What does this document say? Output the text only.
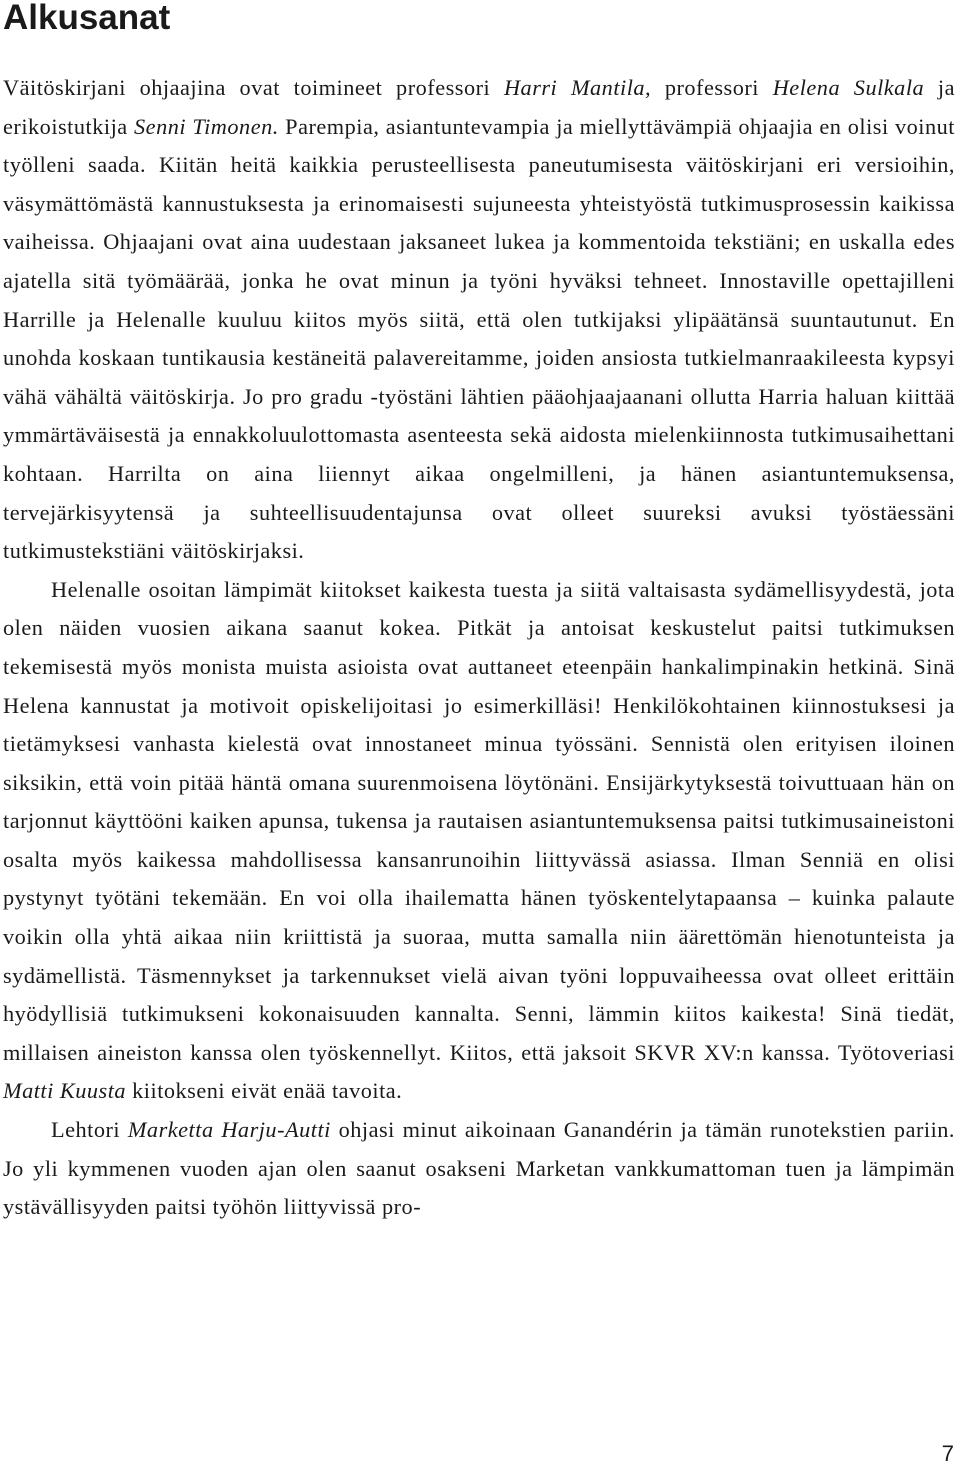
Alkusanat

Väitöskirjani ohjaajina ovat toimineet professori Harri Mantila, professori Helena Sulkala ja erikoistutkija Senni Timonen. Parempia, asiantuntevampia ja miellyttävämpiä ohjaajia en olisi voinut työlleni saada. Kiitän heitä kaikkia perusteellisesta paneutumisesta väitöskirjani eri versioihin, väsymättömästä kannustuksesta ja erinomaisesti sujuneesta yhteistyöstä tutkimusprosessin kaikissa vaiheissa. Ohjaajani ovat aina uudestaan jaksaneet lukea ja kommentoida tekstiäni; en uskalla edes ajatella sitä työmäärää, jonka he ovat minun ja työni hyväksi tehneet. Innostaville opettajilleni Harrille ja Helenalle kuuluu kiitos myös siitä, että olen tutkijaksi ylipäätänsä suuntautunut. En unohda koskaan tuntikausia kestäneitä palavereitamme, joiden ansiosta tutkielmanraakileesta kypsyi vähä vähältä väitöskirja. Jo pro gradu -työstäni lähtien pääohjaajaanani ollutta Harria haluan kiittää ymmärtäväisestä ja ennakkoluulottomasta asenteesta sekä aidosta mielenkiinnosta tutkimusaihettani kohtaan. Harrilta on aina liiennyt aikaa ongelmilleni, ja hänen asiantuntemuksensa, tervejärkisyytensä ja suhteellisuudentajunsa ovat olleet suureksi avuksi työstäessäni tutkimustekstiäni väitöskirjaksi.

Helenalle osoitan lämpimät kiitokset kaikesta tuesta ja siitä valtaisasta sydämellisyydestä, jota olen näiden vuosien aikana saanut kokea. Pitkät ja antoisat keskustelut paitsi tutkimuksen tekemisestä myös monista muista asioista ovat auttaneet eteenpäin hankalimpinakin hetkinä. Sinä Helena kannustat ja motivoit opiskelijoitasi jo esimerkilläsi! Henkilökohtainen kiinnostuksesi ja tietämyksesi vanhasta kielestä ovat innostaneet minua työssäni. Sennistä olen erityisen iloinen siksikin, että voin pitää häntä omana suurenmoisena löytönäni. Ensijärkytyksestä toivuttuaan hän on tarjonnut käyttööni kaiken apunsa, tukensa ja rautaisen asiantuntemuksensa paitsi tutkimusaineistoni osalta myös kaikessa mahdollisessa kansanrunoihin liittyvässä asiassa. Ilman Senniä en olisi pystynyt työtäni tekemään. En voi olla ihailematta hänen työskentelytapaansa – kuinka palaute voikin olla yhtä aikaa niin kriittistä ja suoraa, mutta samalla niin äärettömän hienotunteista ja sydämellistä. Täsmennykset ja tarkennukset vielä aivan työni loppuvaiheessa ovat olleet erittäin hyödyllisiä tutkimukseni kokonaisuuden kannalta. Senni, lämmin kiitos kaikesta! Sinä tiedät, millaisen aineiston kanssa olen työskennellyt. Kiitos, että jaksoit SKVR XV:n kanssa. Työtoveriasi Matti Kuusta kiitokseni eivät enää tavoita.

Lehtori Marketta Harju-Autti ohjasi minut aikoinaan Ganandérin ja tämän runotekstien pariin. Jo yli kymmenen vuoden ajan olen saanut osakseni Marketan vankkumattoman tuen ja lämpimän ystävällisyyden paitsi työhön liittyvissä pro-

7
